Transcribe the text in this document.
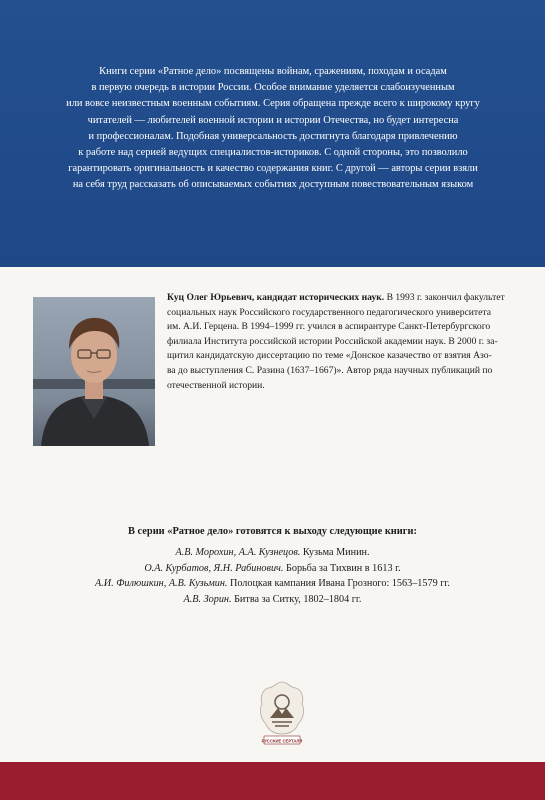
Книги серии «Ратное дело» посвящены войнам, сражениям, походам и осадам
в первую очередь в истории России. Особое внимание уделяется слабоизученным
или вовсе неизвестным военным событиям. Серия обращена прежде всего к широкому кругу
читателей — любителей военной истории и истории Отечества, но будет интересна
и профессионалам. Подобная универсальность достигнута благодаря привлечению
к работе над серией ведущих специалистов-историков. С одной стороны, это позволило
гарантировать оригинальность и качество содержания книг. С другой — авторы серии взяли
на себя труд рассказать об описываемых событиях доступным повествовательным языком

Куц Олег Юрьевич, кандидат исторических наук. В 1993 г. закончил факультет
социальных наук Российского государственного педагогического университета
им. А.И. Герцена. В 1994–1999 гг. учился в аспирантуре Санкт-Петербургского
филиала Института российской истории Российской академии наук. В 2000 г. за-
щитил кандидатскую диссертацию по теме «Донское казачество от взятия Азо-
ва до выступления С. Разина (1637–1667)». Автор ряда научных публикаций по
отечественной истории.

В серии «Ратное дело» готовятся к выходу следующие книги:

А.В. Морохин, А.А. Кузнецов. Кузьма Минин.
О.А. Курбатов, Я.Н. Рабинович. Борьба за Тихвин в 1613 г.
А.И. Филюшкин, А.В. Кузьмин. Полоцкая кампания Ивана Грозного: 1563–1579 гг.
А.В. Зорин. Битва за Ситку, 1802–1804 гг.
РУССКИЕ СЕРТАЛЯ
